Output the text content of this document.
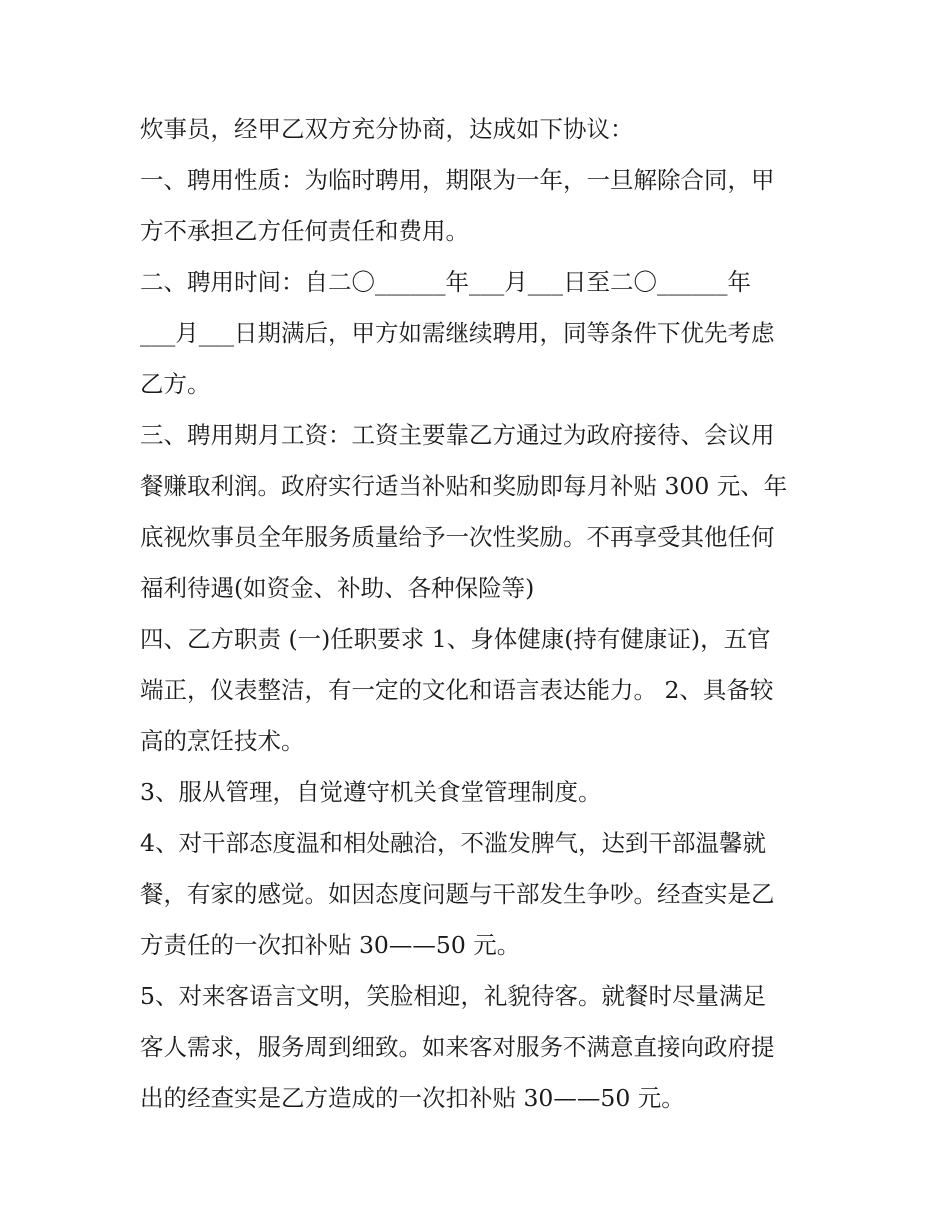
炊事员，经甲乙双方充分协商，达成如下协议：
一、聘用性质：为临时聘用，期限为一年，一旦解除合同，甲
方不承担乙方任何责任和费用。
二、聘用时间：自二〇______年___月___日至二〇______年
___月___日期满后，甲方如需继续聘用，同等条件下优先考虑
乙方。
三、聘用期月工资：工资主要靠乙方通过为政府接待、会议用
餐赚取利润。政府实行适当补贴和奖励即每月补贴 300 元、年
底视炊事员全年服务质量给予一次性奖励。不再享受其他任何
福利待遇(如资金、补助、各种保险等)
四、乙方职责 (一)任职要求 1、身体健康(持有健康证)，五官
端正，仪表整洁，有一定的文化和语言表达能力。 2、具备较
高的烹饪技术。
3、服从管理，自觉遵守机关食堂管理制度。
4、对干部态度温和相处融洽，不滥发脾气，达到干部温馨就
餐，有家的感觉。如因态度问题与干部发生争吵。经查实是乙
方责任的一次扣补贴 30——50 元。
5、对来客语言文明，笑脸相迎，礼貌待客。就餐时尽量满足
客人需求，服务周到细致。如来客对服务不满意直接向政府提
出的经查实是乙方造成的一次扣补贴 30——50 元。
